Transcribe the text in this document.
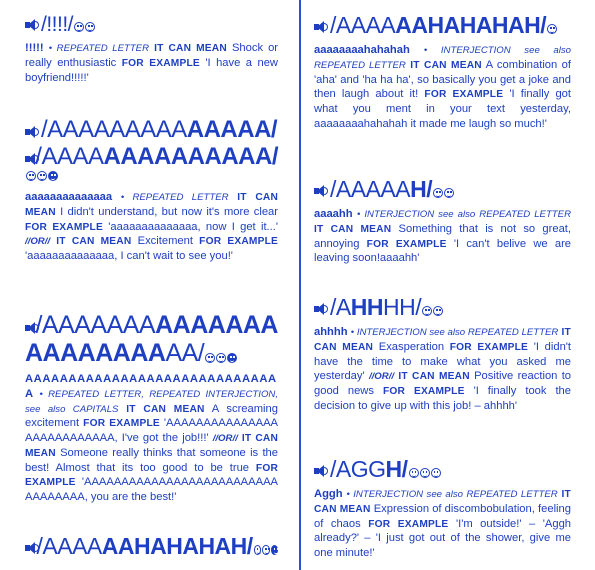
/!!!!/
!!!!! • REPEATED LETTER IT CAN MEAN Shock or really enthusiastic FOR EXAMPLE 'I have a new boyfriend!!!!!'
/AAAAAAAAA AAAAA/
/AAAA AAAAAAAAAA/
aaaaaaaaaaaaaa • REPEATED LETTER IT CAN MEAN I didn't understand, but now it's more clear FOR EXAMPLE 'aaaaaaaaaaaaaa, now I get it...' //OR// IT CAN MEAN Excitement FOR EXAMPLE 'aaaaaaaaaaaaaa, I can't wait to see you!'
/AAAAAAA AAAAAAA
AAAAAAAA AA/
AAAAAAAAAAAAAAAAAAAAAAAAAAAAAA • REPEATED LETTER, REPEATED INTERJECTION, see also CAPITALS IT CAN MEAN A screaming excitement FOR EXAMPLE 'AAAAAAAAAAAAAAAAAAAAAAAAAAA, I've got the job!!!' //OR// IT CAN MEAN Someone really thinks that someone is the best! Almost that its too good to be true FOR EXAMPLE 'AAAAAAAAAAAAAAAAAAAAAAAAAAAAAAAAAA, you are the best!'
/AAAA AAHAHAHAH/
/AAAA AAHAHAHAH/
aaaaaaaahahahah • INTERJECTION see also REPEATED LETTER IT CAN MEAN A combination of 'aha' and 'ha ha ha', so basically you get a joke and then laugh about it! FOR EXAMPLE 'I finally got what you ment in your text yesterday, aaaaaaaahahahah it made me laugh so much!'
/AAAAA H/
aaaahh • INTERJECTION see also REPEATED LETTER IT CAN MEAN Something that is not so great, annoying FOR EXAMPLE 'I can't belive we are leaving soon!aaaahh'
/A HH HH/
ahhhh • INTERJECTION see also REPEATED LETTER IT CAN MEAN Exasperation FOR EXAMPLE 'I didn't have the time to make what you asked me yesterday' //OR// IT CAN MEAN Positive reaction to good news FOR EXAMPLE 'I finally took the decision to give up with this job! – ahhhh'
/AGG H/
Aggh • INTERJECTION see also REPEATED LETTER IT CAN MEAN Expression of discombobulation, feeling of chaos FOR EXAMPLE 'I'm outside!' – 'Aggh already?' – 'I just got out of the shower, give me one minute!'
